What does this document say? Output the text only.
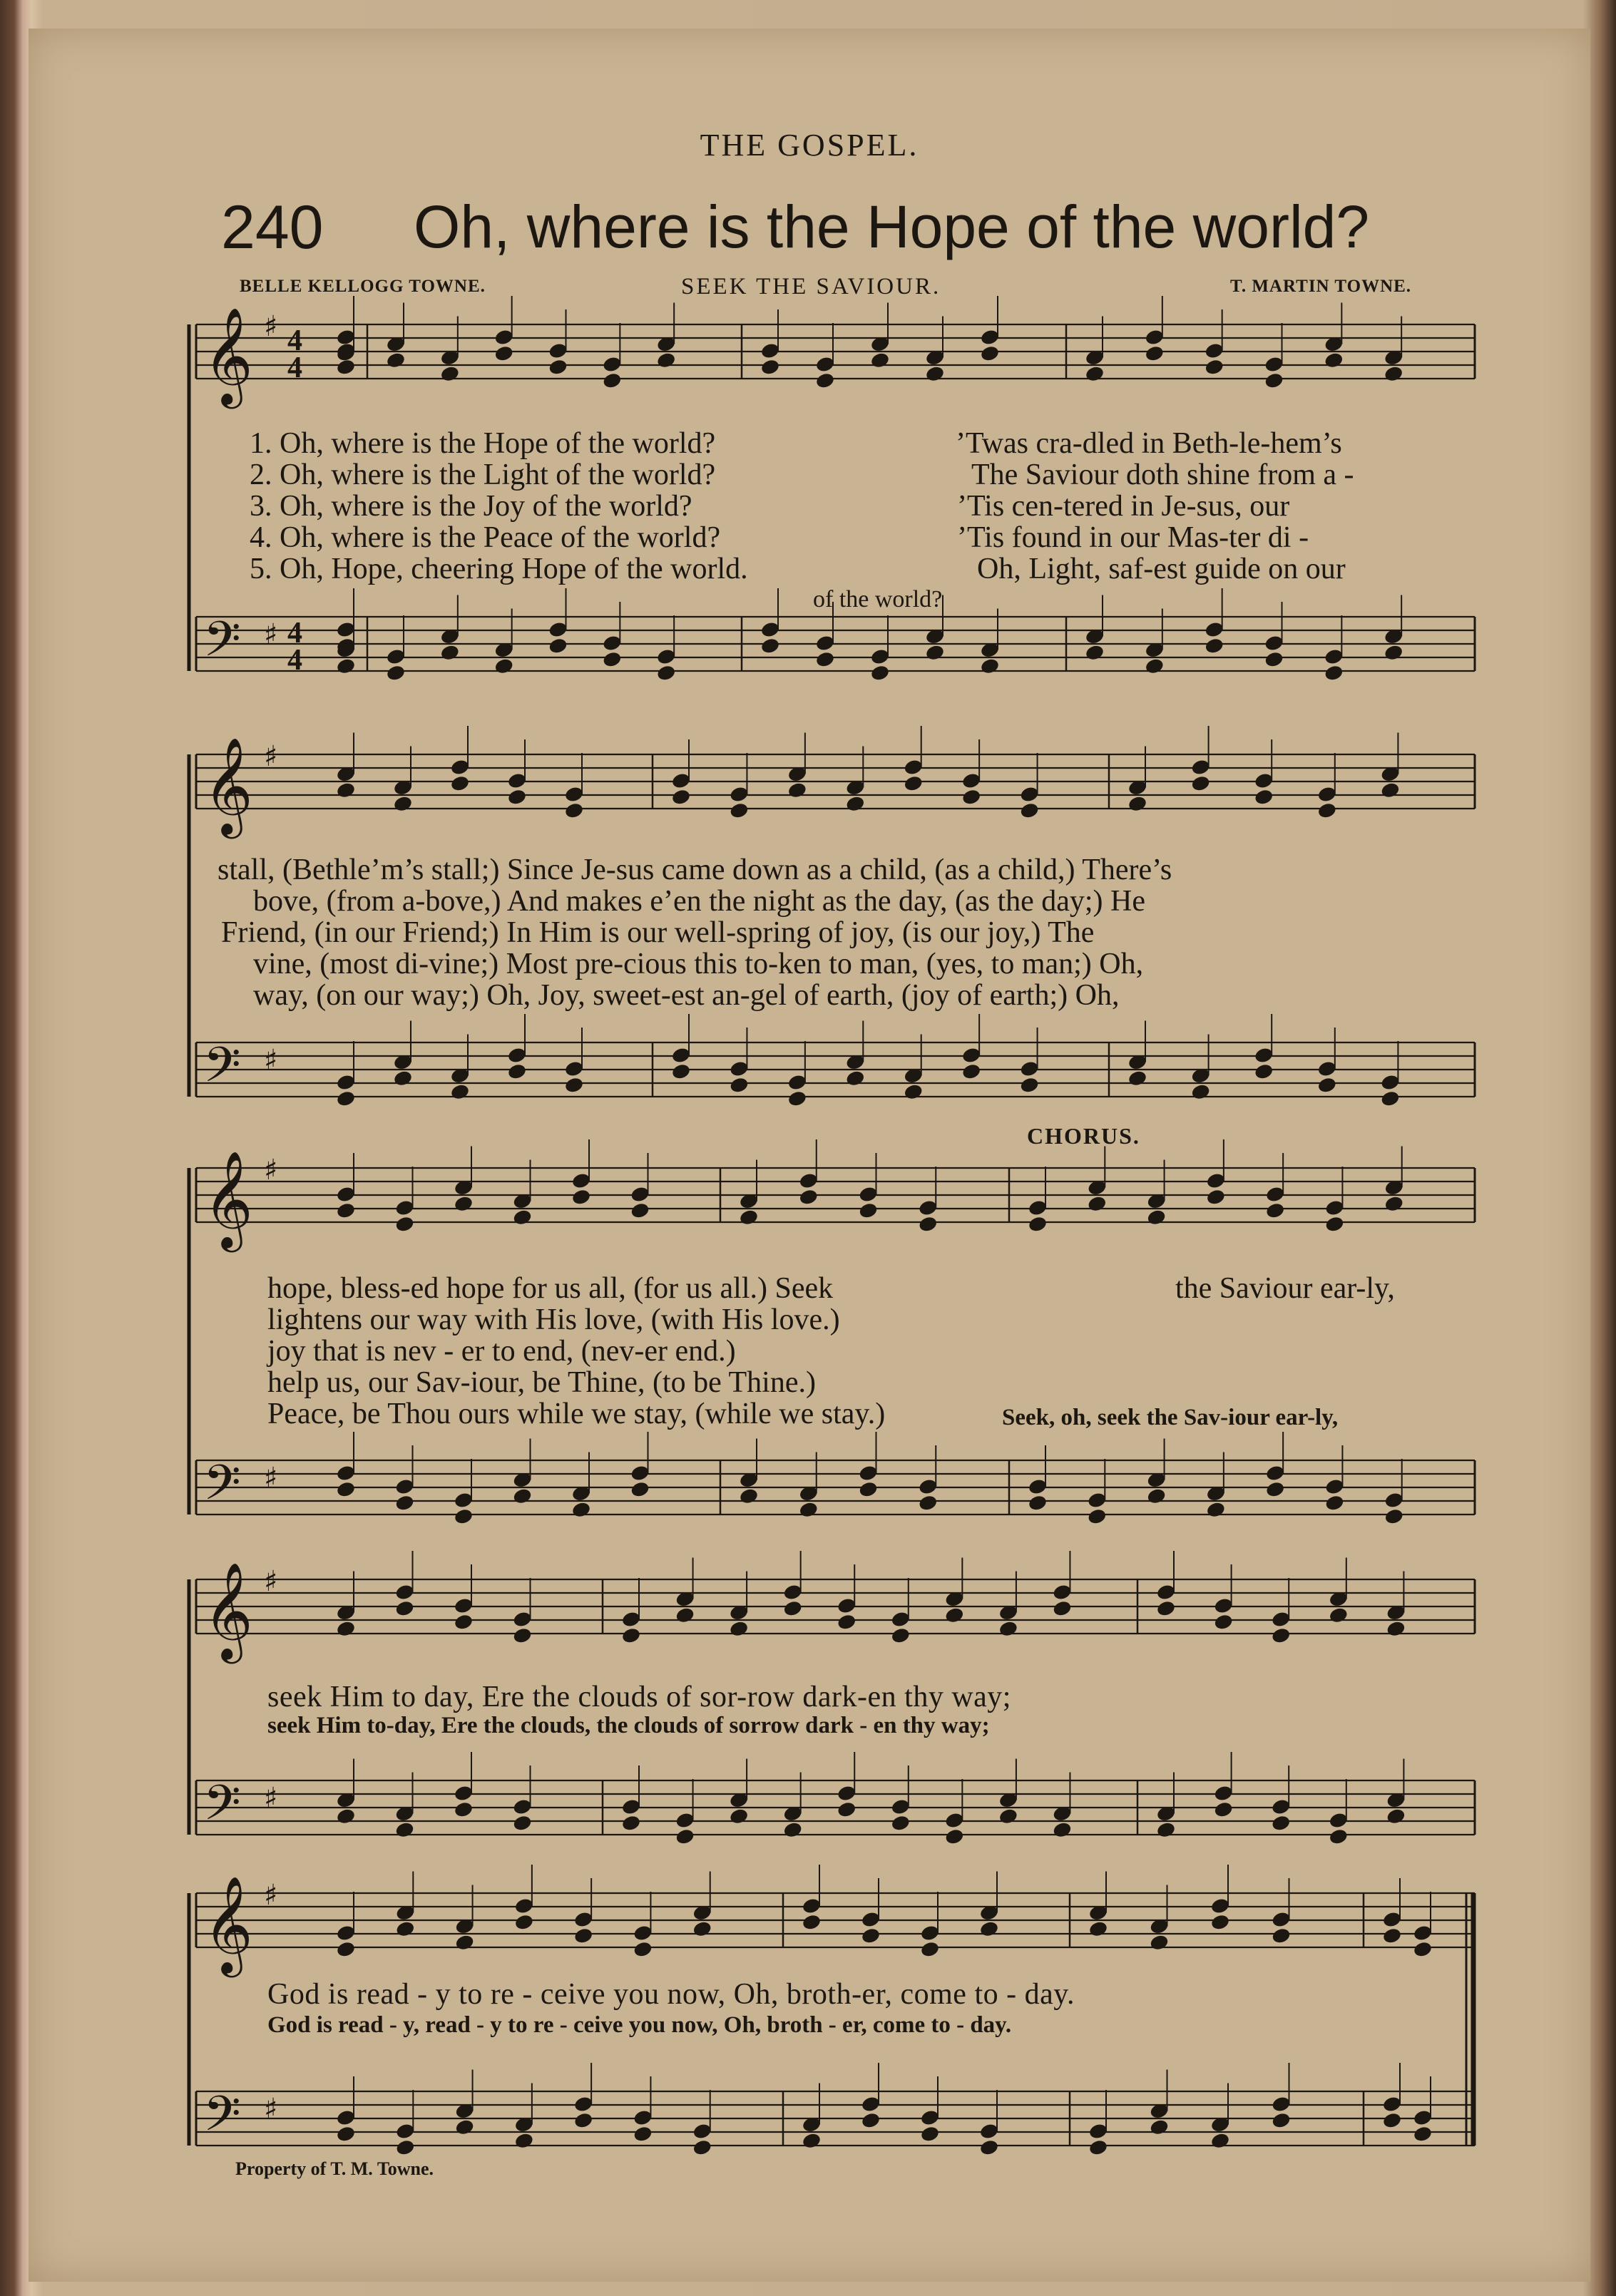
𝄞 ♯ 4
4
𝄢 ♯ 4
4
𝄞 ♯
𝄢 ♯
𝄞 ♯
𝄢 ♯
𝄞 ♯
𝄢 ♯
𝄞 ♯
𝄢 ♯
THE GOSPEL.
240 Oh, where is the Hope of the world?
BELLE KELLOGG TOWNE.	SEEK THE SAVIOUR.	T. MARTIN TOWNE.
1. Oh, where is the Hope of the world?
2. Oh, where is the Light of the world?
3. Oh, where is the Joy of the world?
4. Oh, where is the Peace of the world?
5. Oh, Hope, cheering Hope of the world.
’Twas cra-dled in Beth-le-hem’s
The Saviour doth shine from a -
’Tis cen-tered in Je-sus, our
’Tis found in our Mas-ter di -
Oh, Light, saf-est guide on our
of the world?
stall, (Bethle’m’s stall;) Since Je-sus came down as a child, (as a child,) There’s
bove, (from a-bove,) And makes e’en the night as the day, (as the day;) He
Friend, (in our Friend;) In Him is our well-spring of joy, (is our joy,) The
vine, (most di-vine;) Most pre-cious this to-ken to man, (yes, to man;) Oh,
way, (on our way;) Oh, Joy, sweet-est an-gel of earth, (joy of earth;) Oh,
CHORUS.
hope, bless-ed hope for us all, (for us all.) Seek
lightens our way with His love, (with His love.)
joy that is nev - er to end, (nev-er end.)
help us, our Sav-iour, be Thine, (to be Thine.)
Peace, be Thou ours while we stay, (while we stay.)
the Saviour ear-ly,
Seek, oh, seek the Sav-iour ear-ly,
seek Him to day, Ere the clouds of sor-row dark-en thy way;
seek Him to-day, Ere the clouds, the clouds of sorrow dark - en thy way;
God is read - y to re - ceive you now, Oh, broth-er, come to - day.
God is read - y, read - y to re - ceive you now, Oh, broth - er, come to - day.
Property of T. M. Towne.
